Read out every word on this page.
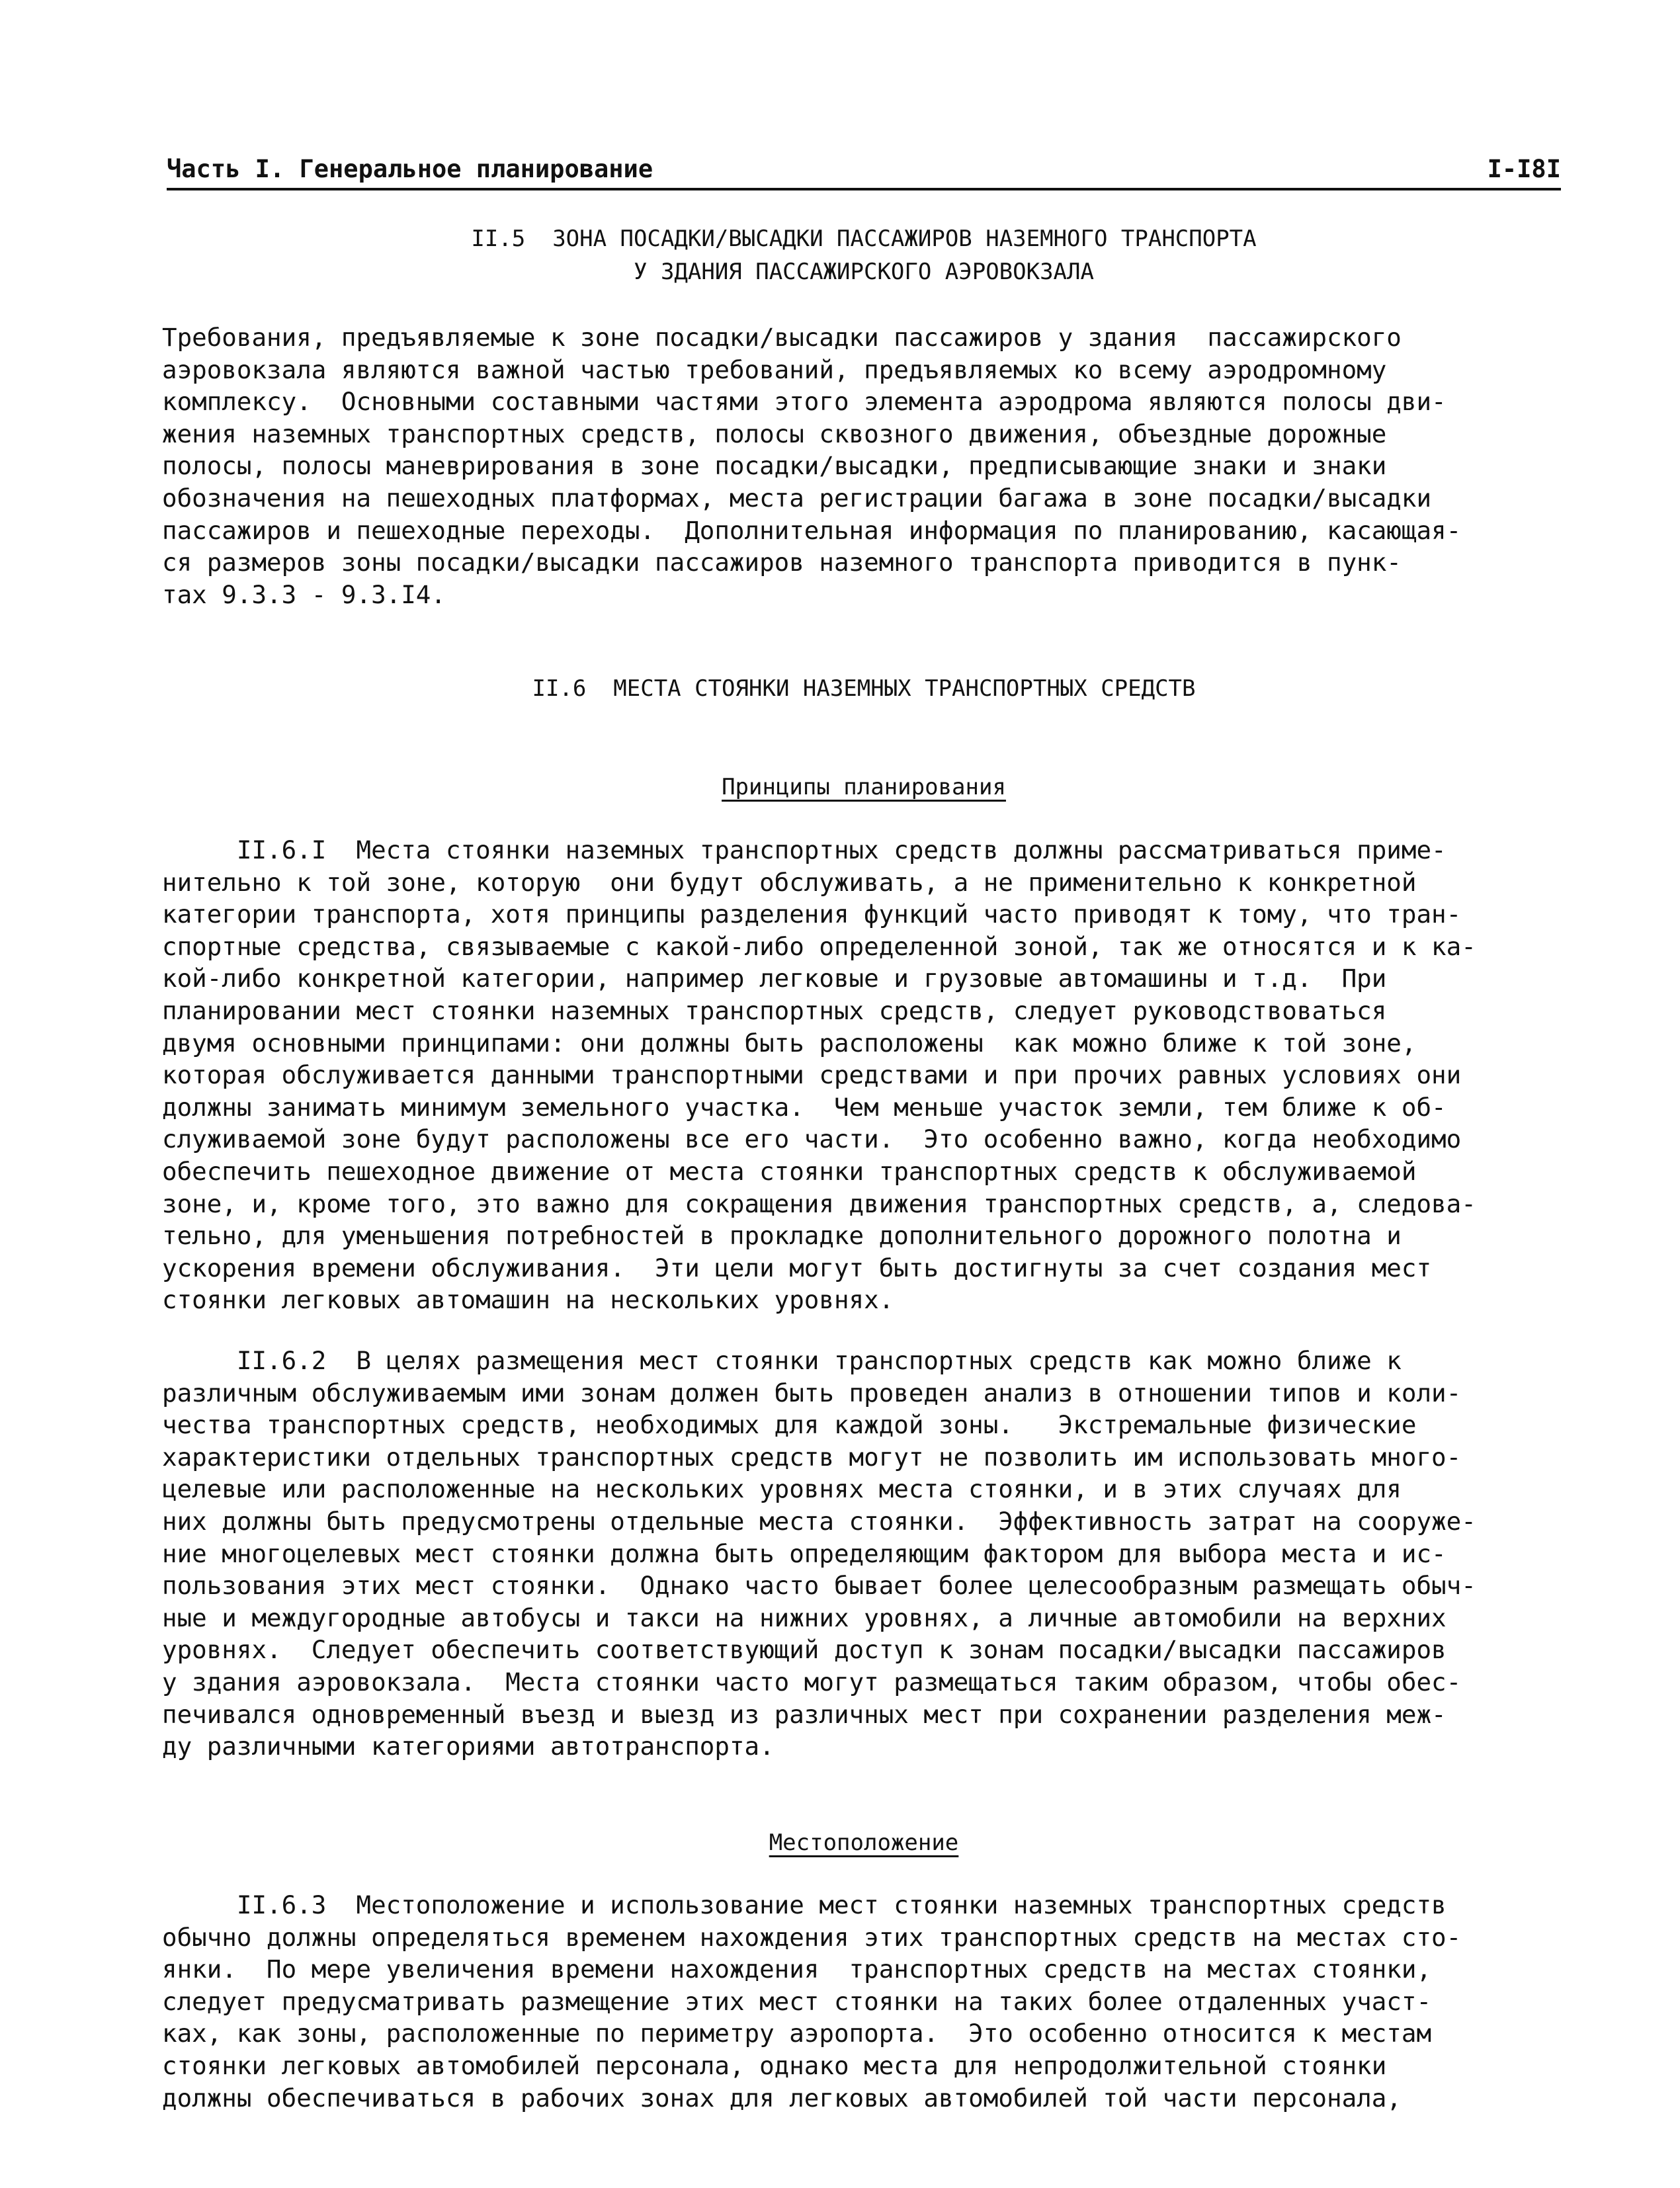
Часть I. Генеральное планирование	I-I8I
II.5  ЗОНА ПОСАДКИ/ВЫСАДКИ ПАССАЖИРОВ НАЗЕМНОГО ТРАНСПОРТА
У ЗДАНИЯ ПАССАЖИРСКОГО АЭРОВОКЗАЛА
Требования, предъявляемые к зоне посадки/высадки пассажиров у здания  пассажирского
аэровокзала являются важной частью требований, предъявляемых ко всему аэродромному
комплексу.  Основными составными частями этого элемента аэродрома являются полосы дви-
жения наземных транспортных средств, полосы сквозного движения, объездные дорожные
полосы, полосы маневрирования в зоне посадки/высадки, предписывающие знаки и знаки
обозначения на пешеходных платформах, места регистрации багажа в зоне посадки/высадки
пассажиров и пешеходные переходы.  Дополнительная информация по планированию, касающая-
ся размеров зоны посадки/высадки пассажиров наземного транспорта приводится в пунк-
тах 9.3.3 - 9.3.I4.
II.6  МЕСТА СТОЯНКИ НАЗЕМНЫХ ТРАНСПОРТНЫХ СРЕДСТВ
Принципы планирования
II.6.I  Места стоянки наземных транспортных средств должны рассматриваться приме-
нительно к той зоне, которую  они будут обслуживать, а не применительно к конкретной
категории транспорта, хотя принципы разделения функций часто приводят к тому, что тран-
спортные средства, связываемые с какой-либо определенной зоной, так же относятся и к ка-
кой-либо конкретной категории, например легковые и грузовые автомашины и т.д.  При
планировании мест стоянки наземных транспортных средств, следует руководствоваться
двумя основными принципами: они должны быть расположены  как можно ближе к той зоне,
которая обслуживается данными транспортными средствами и при прочих равных условиях они
должны занимать минимум земельного участка.  Чем меньше участок земли, тем ближе к об-
служиваемой зоне будут расположены все его части.  Это особенно важно, когда необходимо
обеспечить пешеходное движение от места стоянки транспортных средств к обслуживаемой
зоне, и, кроме того, это важно для сокращения движения транспортных средств, а, следова-
тельно, для уменьшения потребностей в прокладке дополнительного дорожного полотна и
ускорения времени обслуживания.  Эти цели могут быть достигнуты за счет создания мест
стоянки легковых автомашин на нескольких уровнях.
II.6.2  В целях размещения мест стоянки транспортных средств как можно ближе к
различным обслуживаемым ими зонам должен быть проведен анализ в отношении типов и коли-
чества транспортных средств, необходимых для каждой зоны.   Экстремальные физические
характеристики отдельных транспортных средств могут не позволить им использовать много-
целевые или расположенные на нескольких уровнях места стоянки, и в этих случаях для
них должны быть предусмотрены отдельные места стоянки.  Эффективность затрат на сооруже-
ние многоцелевых мест стоянки должна быть определяющим фактором для выбора места и ис-
пользования этих мест стоянки.  Однако часто бывает более целесообразным размещать обыч-
ные и междугородные автобусы и такси на нижних уровнях, а личные автомобили на верхних
уровнях.  Следует обеспечить соответствующий доступ к зонам посадки/высадки пассажиров
у здания аэровокзала.  Места стоянки часто могут размещаться таким образом, чтобы обес-
печивался одновременный въезд и выезд из различных мест при сохранении разделения меж-
ду различными категориями автотранспорта.
Местоположение
II.6.3  Местоположение и использование мест стоянки наземных транспортных средств
обычно должны определяться временем нахождения этих транспортных средств на местах сто-
янки.  По мере увеличения времени нахождения  транспортных средств на местах стоянки,
следует предусматривать размещение этих мест стоянки на таких более отдаленных участ-
ках, как зоны, расположенные по периметру аэропорта.  Это особенно относится к местам
стоянки легковых автомобилей персонала, однако места для непродолжительной стоянки
должны обеспечиваться в рабочих зонах для легковых автомобилей той части персонала,
